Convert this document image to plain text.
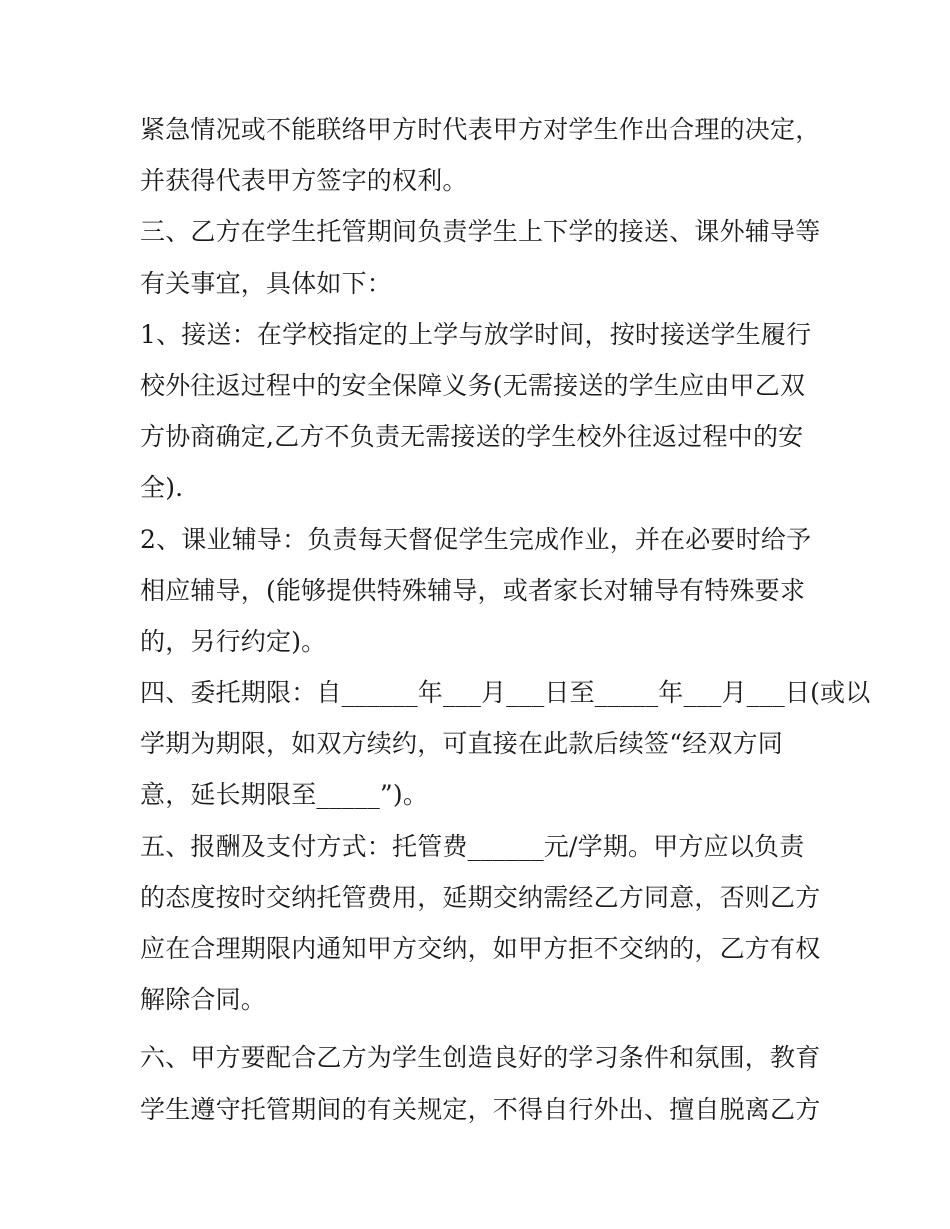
紧急情况或不能联络甲方时代表甲方对学生作出合理的决定，
并获得代表甲方签字的权利。
三、乙方在学生托管期间负责学生上下学的接送、课外辅导等
有关事宜，具体如下：
1、接送：在学校指定的上学与放学时间，按时接送学生履行
校外往返过程中的安全保障义务(无需接送的学生应由甲乙双
方协商确定,乙方不负责无需接送的学生校外往返过程中的安
全).
2、课业辅导：负责每天督促学生完成作业，并在必要时给予
相应辅导，(能够提供特殊辅导，或者家长对辅导有特殊要求
的，另行约定)。
四、委托期限：自______年___月___日至_____年___月___日(或以
学期为期限，如双方续约，可直接在此款后续签“经双方同
意，延长期限至_____”)。
五、报酬及支付方式：托管费______元/学期。甲方应以负责
的态度按时交纳托管费用，延期交纳需经乙方同意，否则乙方
应在合理期限内通知甲方交纳，如甲方拒不交纳的，乙方有权
解除合同。
六、甲方要配合乙方为学生创造良好的学习条件和氛围，教育
学生遵守托管期间的有关规定，不得自行外出、擅自脱离乙方
